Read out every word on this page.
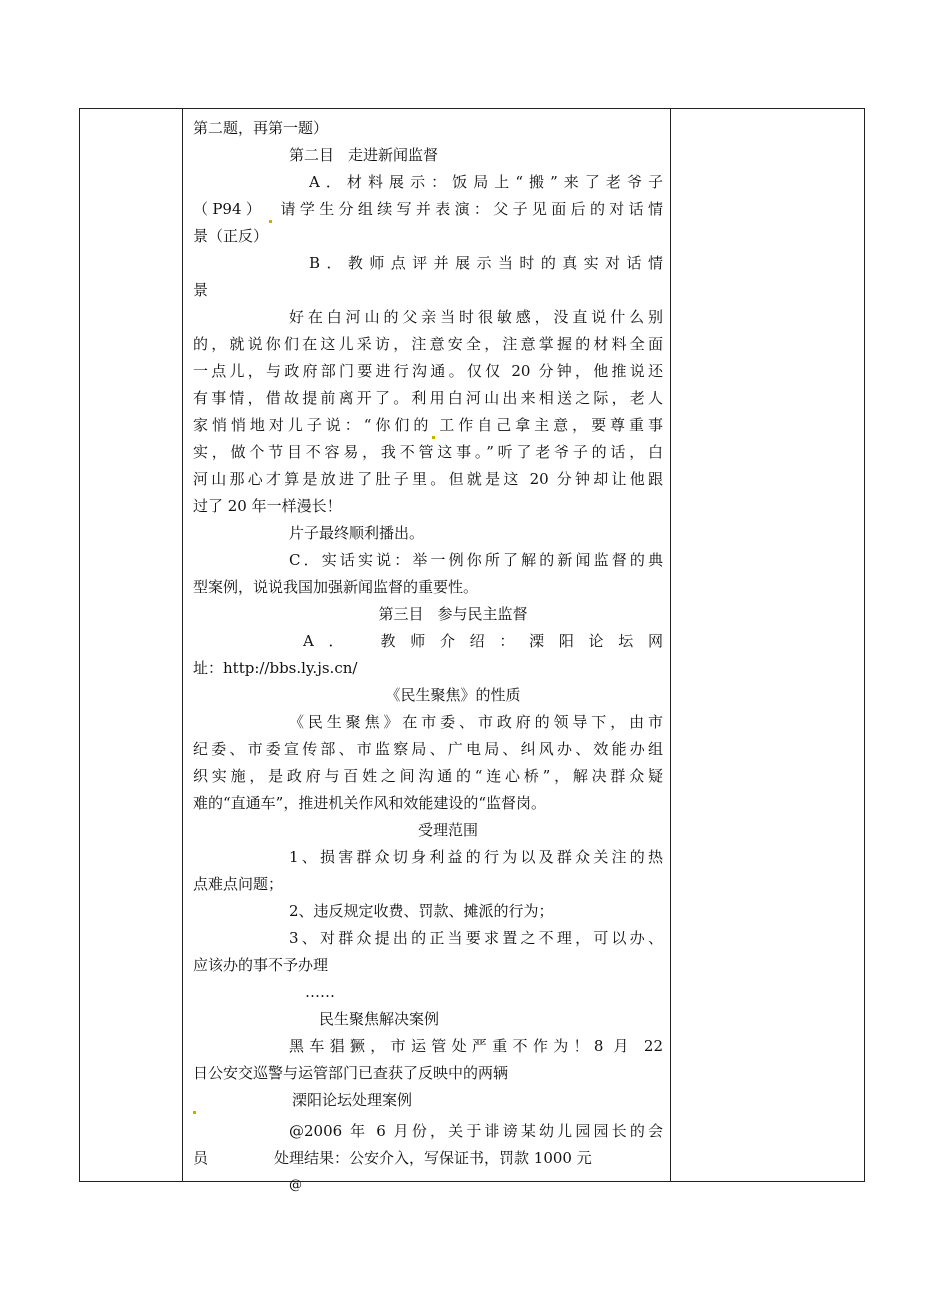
第二题，再第一题）
第二目 走进新闻监督
A．材料展示：饭局上“搬”来了老爷子
（P94） 请学生分组续写并表演：父子见面后的对话情
景（正反）
B．教师点评并展示当时的真实对话情
景
好在白河山的父亲当时很敏感，没直说什么别
的，就说你们在这儿采访，注意安全，注意掌握的材料全面
一点儿，与政府部门要进行沟通。仅仅 20 分钟，他推说还
有事情，借故提前离开了。利用白河山出来相送之际，老人
家悄悄地对儿子说：“你们的 工作自己拿主意，要尊重事
实，做个节目不容易，我不管这事。”听了老爷子的话，白
河山那心才算是放进了肚子里。但就是这 20 分钟却让他跟
过了 20 年一样漫长！
片子最终顺利播出。
C．实话实说：举一例你所了解的新闻监督的典
型案例，说说我国加强新闻监督的重要性。
第三目 参与民主监督
A．　教师介绍：溧阳论坛网
址：http://bbs.ly.js.cn/
《民生聚焦》的性质
《民生聚焦》在市委、市政府的领导下，由市
纪委、市委宣传部、市监察局、广电局、纠风办、效能办组
织实施，是政府与百姓之间沟通的“连心桥”，解决群众疑
难的“直通车”，推进机关作风和效能建设的“监督岗。
受理范围
1、损害群众切身利益的行为以及群众关注的热
点难点问题；
2、违反规定收费、罚款、摊派的行为；
3、对群众提出的正当要求置之不理，可以办、
应该办的事不予办理
……
民生聚焦解决案例
黑车猖獗，市运管处严重不作为！8 月 22
日公安交巡警与运管部门已查获了反映中的两辆
溧阳论坛处理案例
@2006 年 6 月份，关于诽谤某幼儿园园长的会
员	处理结果：公安介入，写保证书，罚款 1000 元
@
